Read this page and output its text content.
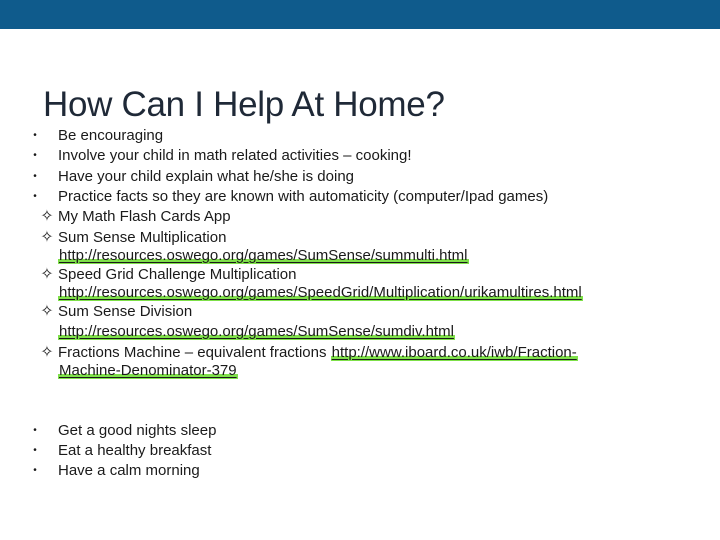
How Can I Help At Home?
•	Be encouraging
•	Involve your child in math related activities – cooking!
•	Have your child explain what he/she is doing
•	Practice facts so they are known with automaticity (computer/Ipad games)
✧ My Math Flash Cards App
✧ Sum Sense Multiplication
http://resources.oswego.org/games/SumSense/summulti.html
✧ Speed Grid Challenge Multiplication
http://resources.oswego.org/games/SpeedGrid/Multiplication/urikamultires.html
✧ Sum Sense Division
http://resources.oswego.org/games/SumSense/sumdiv.html
✧ Fractions Machine – equivalent fractions http://www.iboard.co.uk/iwb/Fraction-
Machine-Denominator-379
•	Get a good nights sleep
•	Eat a healthy breakfast
•	Have a calm morning
